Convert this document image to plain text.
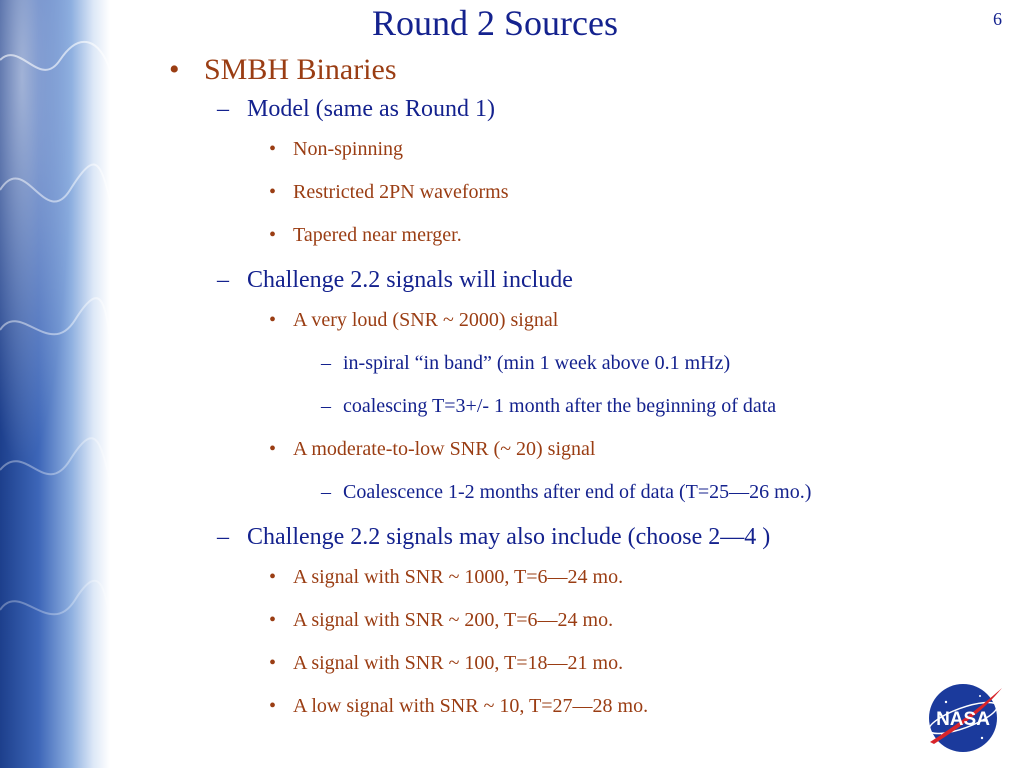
Round 2 Sources	6
• SMBH Binaries
– Model (same as Round 1)
• Non-spinning
• Restricted 2PN waveforms
• Tapered near merger.
– Challenge 2.2 signals will include
• A very loud (SNR ~ 2000) signal
– in-spiral “in band” (min 1 week above 0.1 mHz)
– coalescing T=3+/- 1 month after the beginning of data
• A moderate-to-low SNR (~ 20) signal
– Coalescence 1-2 months after end of data (T=25—26 mo.)
– Challenge 2.2 signals may also include (choose 2—4 )
• A signal with SNR ~ 1000, T=6—24 mo.
• A signal with SNR ~ 200, T=6—24 mo.
• A signal with SNR ~ 100, T=18—21 mo.
• A low signal with SNR ~ 10, T=27—28 mo.
NASA
